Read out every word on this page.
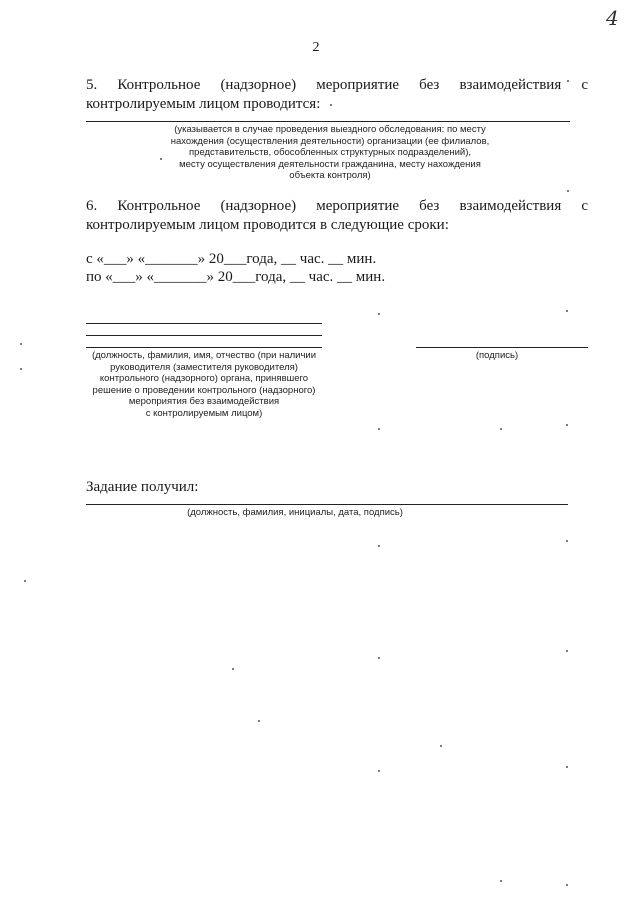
4
2
5. Контрольное (надзорное) мероприятие без взаимодействия с
контролируемым лицом проводится:
(указывается в случае проведения выездного обследования: по месту
нахождения (осуществления деятельности) организации (ее филиалов,
представительств, обособленных структурных подразделений),
месту осуществления деятельности гражданина, месту нахождения
объекта контроля)
6. Контрольное (надзорное) мероприятие без взаимодействия с
контролируемым лицом проводится в следующие сроки:
с «___» «_______» 20___года, __ час. __ мин.
по «___» «_______» 20___года, __ час. __ мин.
(должность, фамилия, имя, отчество (при наличии
руководителя (заместителя руководителя)
контрольного (надзорного) органа, принявшего
решение о проведении контрольного (надзорного)
мероприятия без взаимодействия
с контролируемым лицом)
(подпись)
Задание получил:
(должность, фамилия, инициалы, дата, подпись)
